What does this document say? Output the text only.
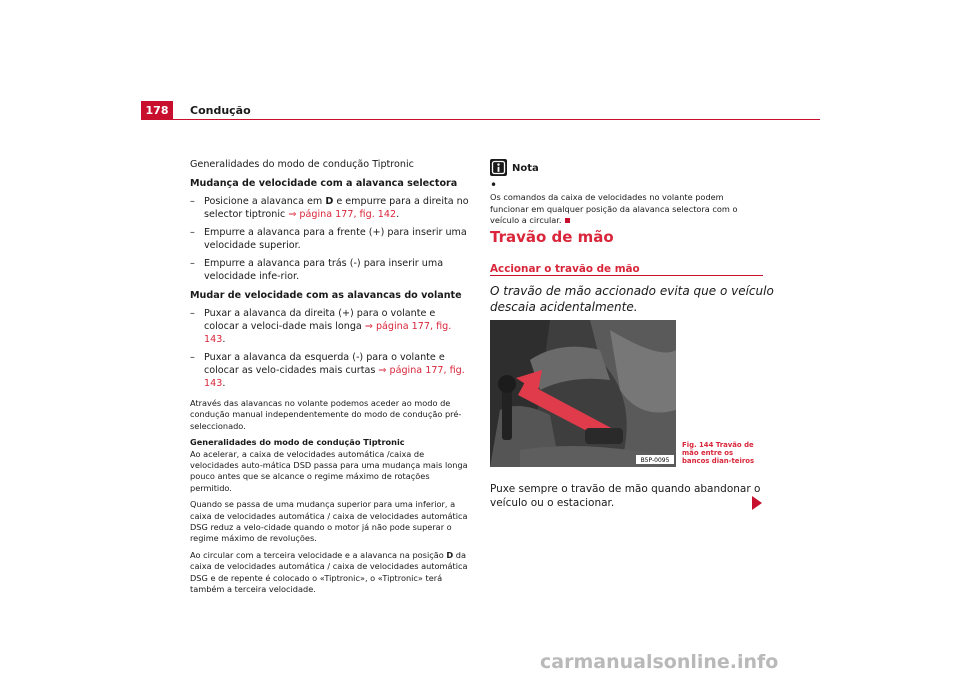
178 Condução

Generalidades do modo de condução Tiptronic

Mudança de velocidade com a alavanca selectora

– Posicione a alavanca em D e empurre para a direita no selector tiptronic ⇒ página 177, fig. 142.

– Empurre a alavanca para a frente (+) para inserir uma velocidade superior.

– Empurre a alavanca para trás (-) para inserir uma velocidade infe-rior.

Mudar de velocidade com as alavancas do volante

– Puxar a alavanca da direita (+) para o volante e colocar a veloci-dade mais longa ⇒ página 177, fig. 143.

– Puxar a alavanca da esquerda (-) para o volante e colocar as velo-cidades mais curtas ⇒ página 177, fig. 143.

Através das alavancas no volante podemos aceder ao modo de condução manual independentemente do modo de condução pré-seleccionado.

Generalidades do modo de condução Tiptronic

Ao acelerar, a caixa de velocidades automática /caixa de velocidades auto-mática DSD passa para uma mudança mais longa pouco antes que se alcance o regime máximo de rotações permitido.

Quando se passa de uma mudança superior para uma inferior, a caixa de velocidades automática / caixa de velocidades automática DSG reduz a velo-cidade quando o motor já não pode superar o regime máximo de revoluções.

Ao circular com a terceira velocidade e a alavanca na posição D da caixa de velocidades automática / caixa de velocidades automática DSG e de repente é colocado o «Tiptronic», o «Tiptronic» terá também a terceira velocidade.

Nota
•
Os comandos da caixa de velocidades no volante podem funcionar em qualquer posição da alavanca selectora com o veículo a circular.
Travão de mão
Accionar o travão de mão
O travão de mão accionado evita que o veículo descaia acidentalmente.
B5P-0095
Fig. 144 Travão de mão entre os bancos dian-teiros
Puxe sempre o travão de mão quando abandonar o veículo ou o estacionar.
carmanualsonline.info
